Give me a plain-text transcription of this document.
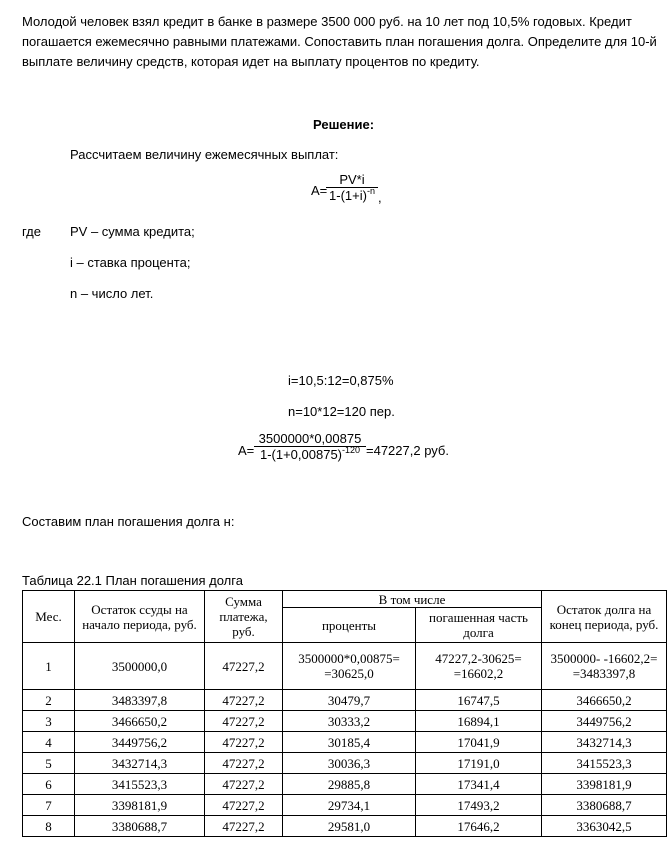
Молодой человек взял кредит в банке в размере 3500 000 руб. на 10 лет под 10,5% годовых. Кредит погашается ежемесячно равными платежами. Сопоставить план погашения долга. Определите для 10-й выплате величину средств, которая идет на выплату процентов по кредиту.
Решение:
Рассчитаем величину ежемесячных выплат:
A=
PV*i
$1-(1+i)^{-n}$ ,
где PV – сумма кредита;
i – ставка процента;
n – число лет.
i=10,5:12=0,875%
n=10*12=120 пер.
A=
3500000*0,00875
$1-(1+0,00875)^{-120} =47227,2$ руб.
Составим план погашения долга н:
Таблица 22.1 План погашения долга
Мес.	Остаток ссуды на начало периода, руб.	Сумма платежа, руб.	В том числе		Остаток долга на конец периода, руб.
			проценты	погашенная часть долга	
1	3500000,0	47227,2	3500000*0,00875= =30625,0	47227,2-30625= =16602,2	3500000- -16602,2= =3483397,8
2	3483397,8	47227,2	30479,7	16747,5	3466650,2
3	3466650,2	47227,2	30333,2	16894,1	3449756,2
4	3449756,2	47227,2	30185,4	17041,9	3432714,3
5	3432714,3	47227,2	30036,3	17191,0	3415523,3
6	3415523,3	47227,2	29885,8	17341,4	3398181,9
7	3398181,9	47227,2	29734,1	17493,2	3380688,7
8	3380688,7	47227,2	29581,0	17646,2	3363042,5
